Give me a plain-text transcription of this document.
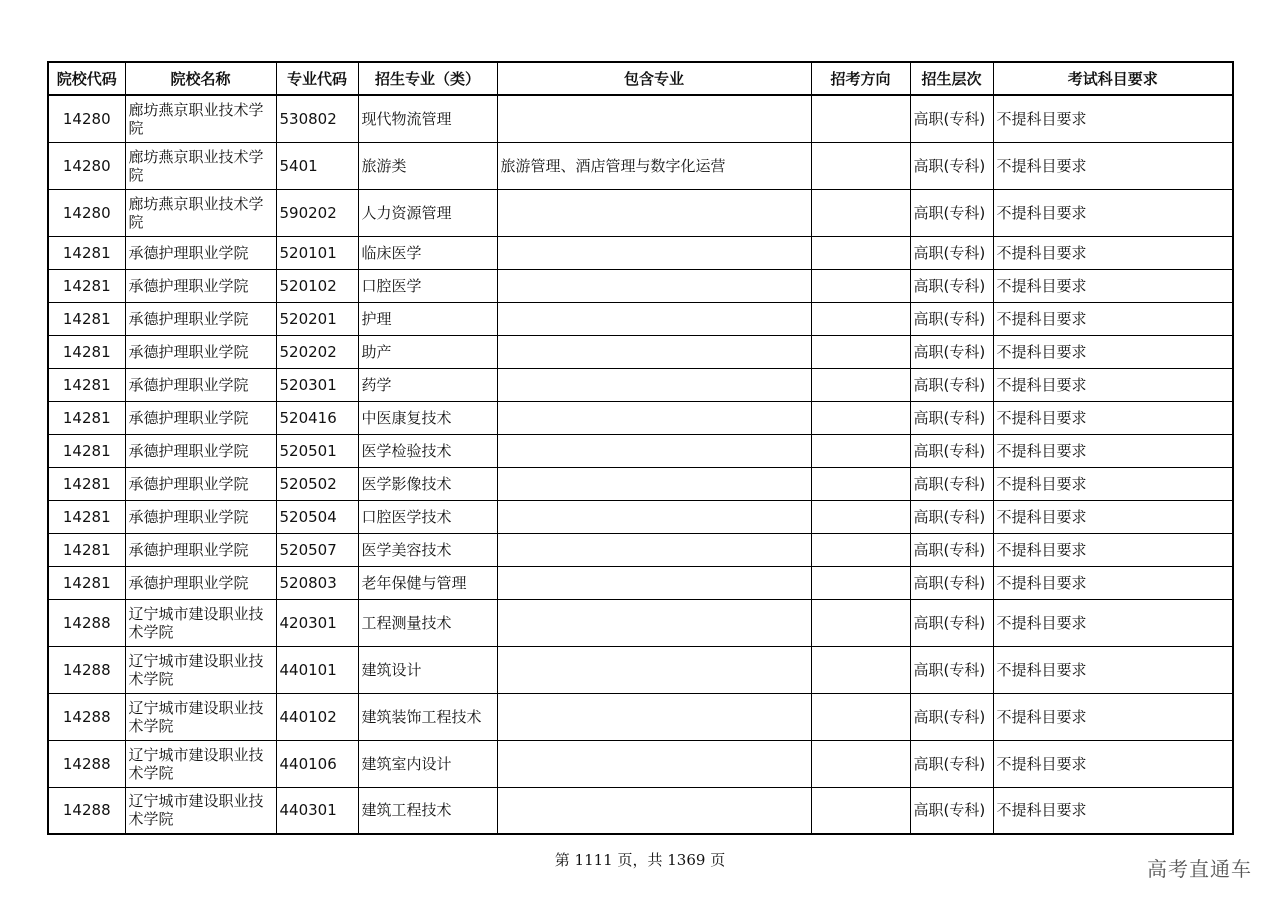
院校代码	院校名称	专业代码	招生专业（类）	包含专业	招考方向	招生层次	考试科目要求
14280	廊坊燕京职业技术学院	530802	现代物流管理			高职(专科)	不提科目要求
14280	廊坊燕京职业技术学院	5401	旅游类	旅游管理、酒店管理与数字化运营		高职(专科)	不提科目要求
14280	廊坊燕京职业技术学院	590202	人力资源管理			高职(专科)	不提科目要求
14281	承德护理职业学院	520101	临床医学			高职(专科)	不提科目要求
14281	承德护理职业学院	520102	口腔医学			高职(专科)	不提科目要求
14281	承德护理职业学院	520201	护理			高职(专科)	不提科目要求
14281	承德护理职业学院	520202	助产			高职(专科)	不提科目要求
14281	承德护理职业学院	520301	药学			高职(专科)	不提科目要求
14281	承德护理职业学院	520416	中医康复技术			高职(专科)	不提科目要求
14281	承德护理职业学院	520501	医学检验技术			高职(专科)	不提科目要求
14281	承德护理职业学院	520502	医学影像技术			高职(专科)	不提科目要求
14281	承德护理职业学院	520504	口腔医学技术			高职(专科)	不提科目要求
14281	承德护理职业学院	520507	医学美容技术			高职(专科)	不提科目要求
14281	承德护理职业学院	520803	老年保健与管理			高职(专科)	不提科目要求
14288	辽宁城市建设职业技术学院	420301	工程测量技术			高职(专科)	不提科目要求
14288	辽宁城市建设职业技术学院	440101	建筑设计			高职(专科)	不提科目要求
14288	辽宁城市建设职业技术学院	440102	建筑装饰工程技术			高职(专科)	不提科目要求
14288	辽宁城市建设职业技术学院	440106	建筑室内设计			高职(专科)	不提科目要求
14288	辽宁城市建设职业技术学院	440301	建筑工程技术			高职(专科)	不提科目要求
第 1111 页，共 1369 页	高考直通车
